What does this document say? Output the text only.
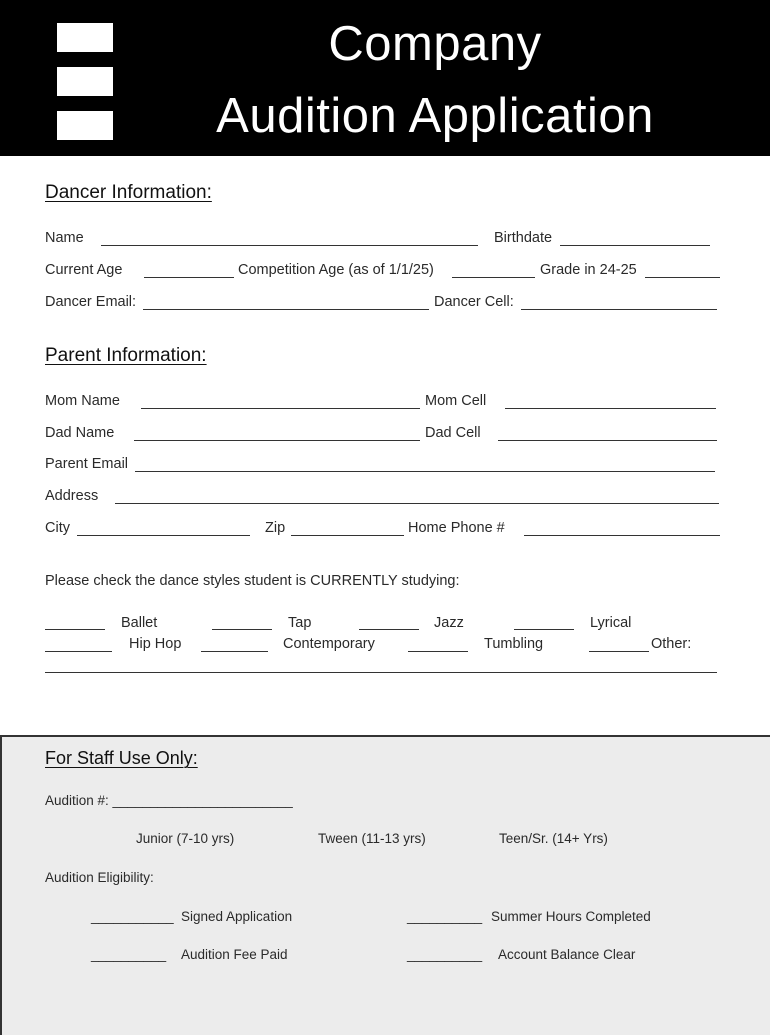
Company
Audition Application
Dancer Information:
Name	Birthdate
Current Age	Competition Age (as of 1/1/25)	Grade in 24-25
Dancer Email:	Dancer Cell:
Parent Information:
Mom Name	Mom Cell
Dad Name	Dad Cell
Parent Email
Address
City	Zip	Home Phone #
Please check the dance styles student is CURRENTLY studying:
Ballet	Tap	Jazz	Lyrical
Hip Hop	Contemporary	Tumbling	Other:
For Staff Use Only:
Audition #: ________________________
Junior (7-10 yrs)	Tween (11-13 yrs)	Teen/Sr. (14+ Yrs)
Audition Eligibility:
___________ Signed Application	__________ Summer Hours Completed
__________ Audition Fee Paid	__________ Account Balance Clear
